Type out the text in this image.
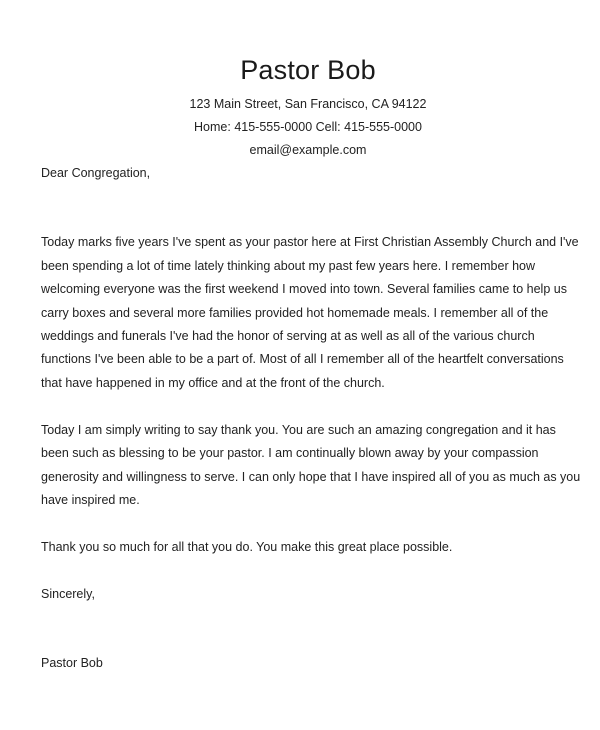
Pastor Bob
123 Main Street, San Francisco, CA 94122
Home: 415-555-0000 Cell: 415-555-0000
email@example.com

Dear Congregation,

Today marks five years I've spent as your pastor here at First Christian Assembly Church and I've been spending a lot of time lately thinking about my past few years here. I remember how welcoming everyone was the first weekend I moved into town. Several families came to help us carry boxes and several more families provided hot homemade meals. I remember all of the weddings and funerals I've had the honor of serving at as well as all of the various church functions I've been able to be a part of. Most of all I remember all of the heartfelt conversations that have happened in my office and at the front of the church.

Today I am simply writing to say thank you. You are such an amazing congregation and it has been such as blessing to be your pastor. I am continually blown away by your compassion generosity and willingness to serve. I can only hope that I have inspired all of you as much as you have inspired me.

Thank you so much for all that you do. You make this great place possible.

Sincerely,

Pastor Bob
